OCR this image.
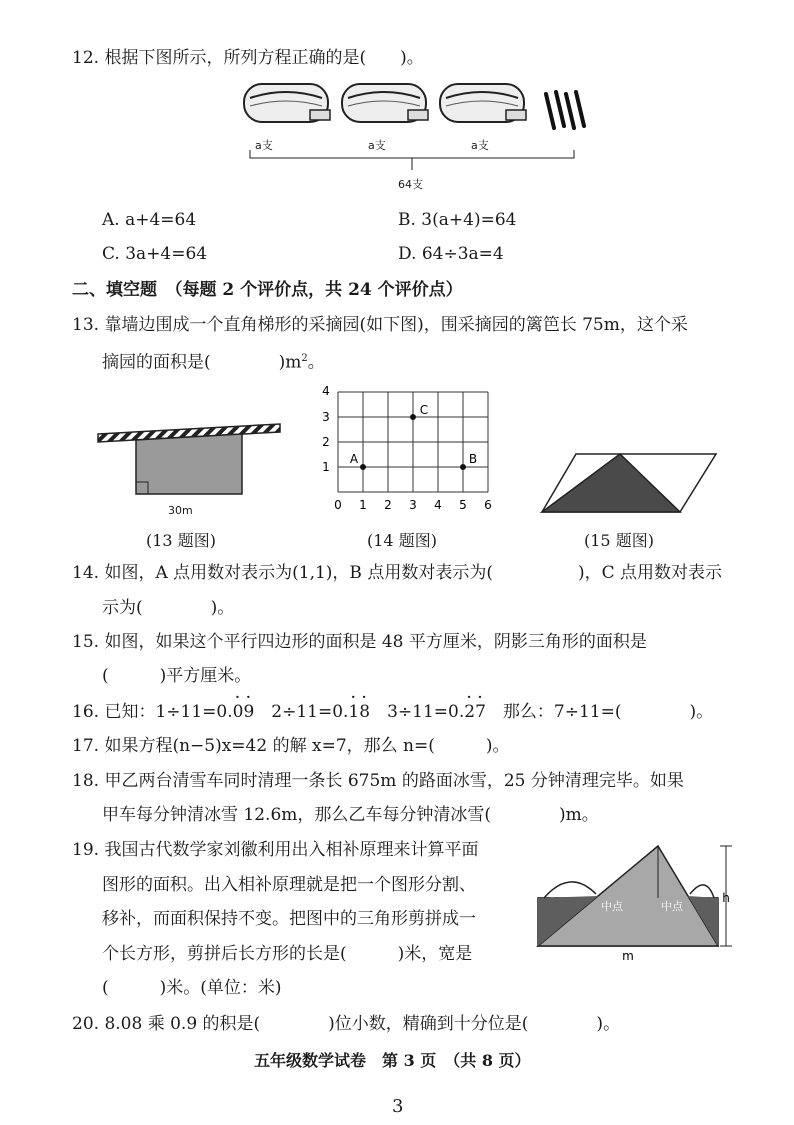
12. 根据下图所示，所列方程正确的是(　　)。
a支	a支	a支
64支
A. a+4=64	B. 3(a+4)=64
C. 3a+4=64	D. 64÷3a=4
二、填空题　（每题 2 个评价点，共 24 个评价点）
13. 靠墙边围成一个直角梯形的采摘园(如下图)，围采摘园的篱笆长 75m，这个采
摘园的面积是(　　　　)$m^2$。
30m
4
3
2
1
0 1 2 3 4 5 6
A	B
C
(13 题图)	(14 题图)	(15 题图)
14. 如图，A 点用数对表示为(1,1)，B 点用数对表示为(　　　　　)，C 点用数对表示
示为(　　　　)。
15. 如图，如果这个平行四边形的面积是 48 平方厘米，阴影三角形的面积是
(　　　)平方厘米。
16. 已知：1÷11=0.· 0· 9　2÷11=0.· 1· 8　3÷11=0.· 2· 7　那么：7÷11=(　　　　)。
17. 如果方程(n−5)x=42 的解 x=7，那么 n=(　　　)。
18. 甲乙两台清雪车同时清理一条长 675m 的路面冰雪，25 分钟清理完毕。如果
甲车每分钟清冰雪 12.6m，那么乙车每分钟清冰雪(　　　　)m。
19. 我国古代数学家刘徽利用出入相补原理来计算平面
图形的面积。出入相补原理就是把一个图形分割、
移补，而面积保持不变。把图中的三角形剪拼成一
个长方形，剪拼后长方形的长是(　　　)米，宽是
(　　　)米。(单位：米)
中点	中点
h
m
20. 8.08 乘 0.9 的积是(　　　　)位小数，精确到十分位是(　　　　)。
五年级数学试卷　第 3 页　（共 8 页）
3
